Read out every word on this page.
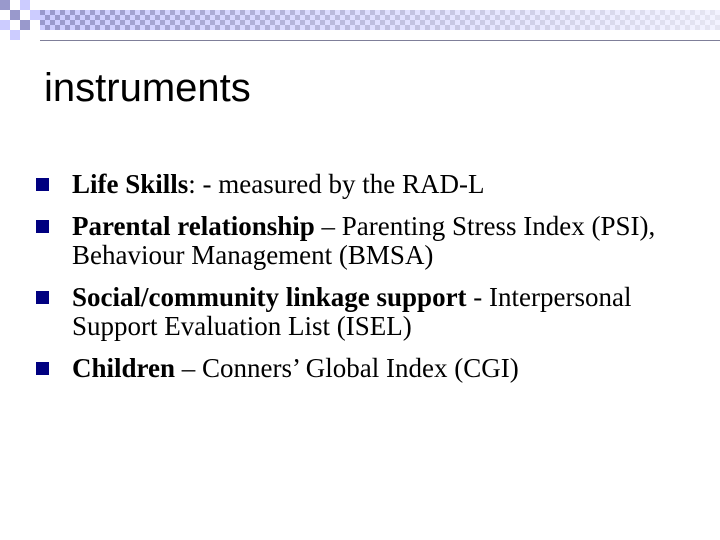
instruments
Life Skills: - measured by the RAD-L
Parental relationship – Parenting Stress Index (PSI), Behaviour Management (BMSA)
Social/community linkage support - Interpersonal Support Evaluation List (ISEL)
Children – Conners’ Global Index (CGI)
